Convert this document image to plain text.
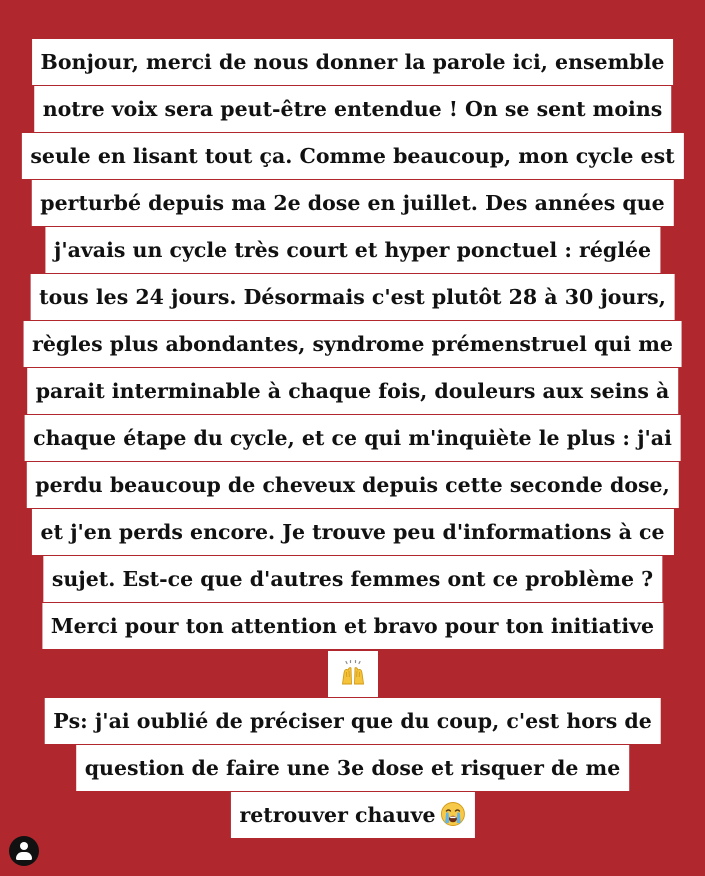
Bonjour, merci de nous donner la parole ici, ensemble
notre voix sera peut-être entendue ! On se sent moins
seule en lisant tout ça. Comme beaucoup, mon cycle est
perturbé depuis ma 2e dose en juillet. Des années que
j'avais un cycle très court et hyper ponctuel : réglée
tous les 24 jours. Désormais c'est plutôt 28 à 30 jours,
règles plus abondantes, syndrome prémenstruel qui me
parait interminable à chaque fois, douleurs aux seins à
chaque étape du cycle, et ce qui m'inquiète le plus : j'ai
perdu beaucoup de cheveux depuis cette seconde dose,
et j'en perds encore. Je trouve peu d'informations à ce
sujet. Est-ce que d'autres femmes ont ce problème ?
Merci pour ton attention et bravo pour ton initiative
Ps: j'ai oublié de préciser que du coup, c'est hors de
question de faire une 3e dose et risquer de me
retrouver chauve
